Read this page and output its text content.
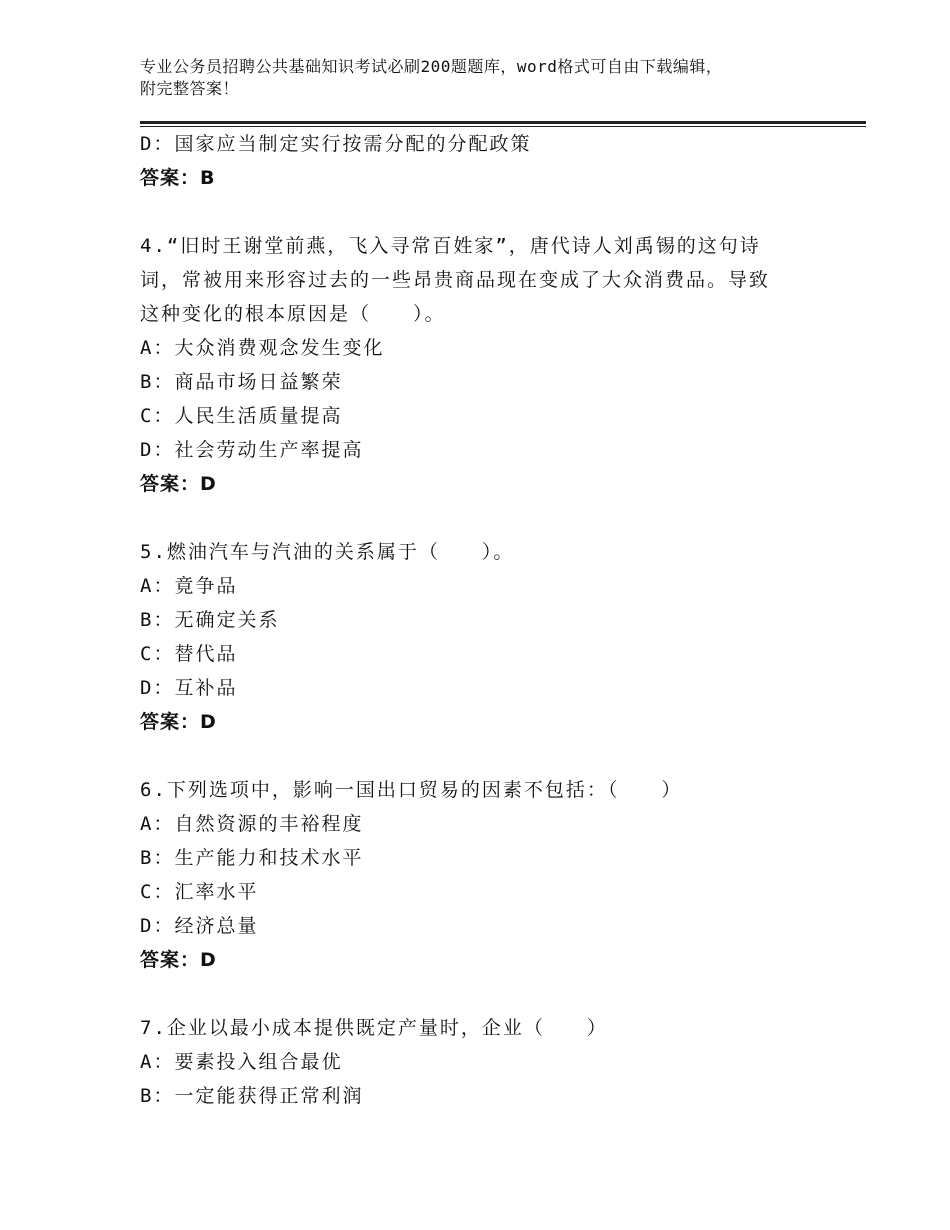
专业公务员招聘公共基础知识考试必刷200题题库，word格式可自由下载编辑，
附完整答案！
D：国家应当制定实行按需分配的分配政策
答案：B
4.“旧时王谢堂前燕，飞入寻常百姓家”，唐代诗人刘禹锡的这句诗
词，常被用来形容过去的一些昂贵商品现在变成了大众消费品。导致
这种变化的根本原因是（　　）。
A：大众消费观念发生变化
B：商品市场日益繁荣
C：人民生活质量提高
D：社会劳动生产率提高
答案：D
5.燃油汽车与汽油的关系属于（　　）。
A：竟争品
B：无确定关系
C：替代品
D：互补品
答案：D
6.下列选项中，影响一国出口贸易的因素不包括：（　　）
A：自然资源的丰裕程度
B：生产能力和技术水平
C：汇率水平
D：经济总量
答案：D
7.企业以最小成本提供既定产量时，企业（　　）
A：要素投入组合最优
B：一定能获得正常利润
